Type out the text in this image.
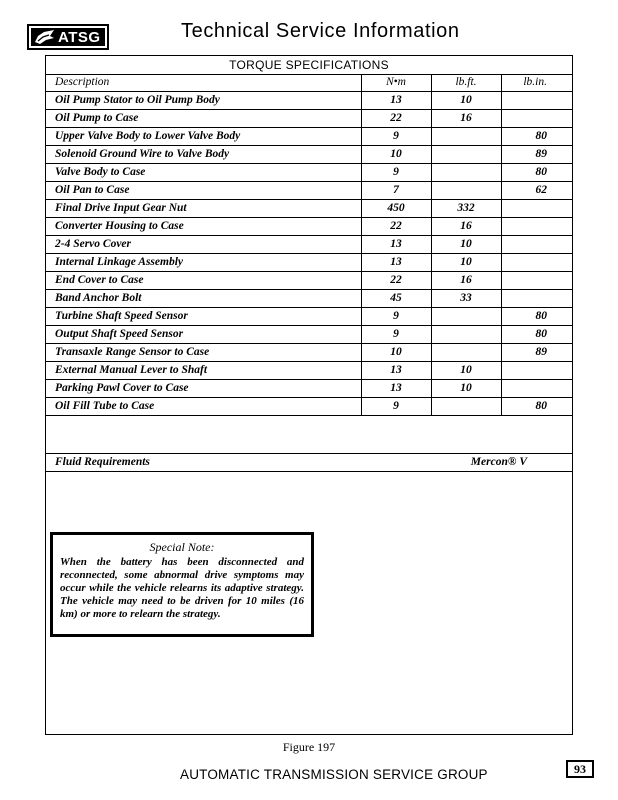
ATSG	Technical Service Information
TORQUE SPECIFICATIONS
Description	N•m	lb.ft.	lb.in.
Oil Pump Stator to Oil Pump Body	13	10	
Oil Pump to Case	22	16	
Upper Valve Body to Lower Valve Body	9		80
Solenoid Ground Wire to Valve Body	10		89
Valve Body to Case	9		80
Oil Pan to Case	7		62
Final Drive Input Gear Nut	450	332	
Converter Housing to Case	22	16	
2-4 Servo Cover	13	10	
Internal Linkage Assembly	13	10	
End Cover to Case	22	16	
Band Anchor Bolt	45	33	
Turbine Shaft Speed Sensor	9		80
Output Shaft Speed Sensor	9		80
Transaxle Range Sensor to Case	10		89
External Manual Lever to Shaft	13	10	
Parking Pawl Cover to Case	13	10	
Oil Fill Tube to Case	9		80
Fluid Requirements	Mercon® V
Special Note:
When the battery has been disconnected and reconnected, some abnormal drive symptoms may occur while the vehicle relearns its adaptive strategy. The vehicle may need to be driven for 10 miles (16 km) or more to relearn the strategy.
Figure 197
AUTOMATIC TRANSMISSION SERVICE GROUP	93
